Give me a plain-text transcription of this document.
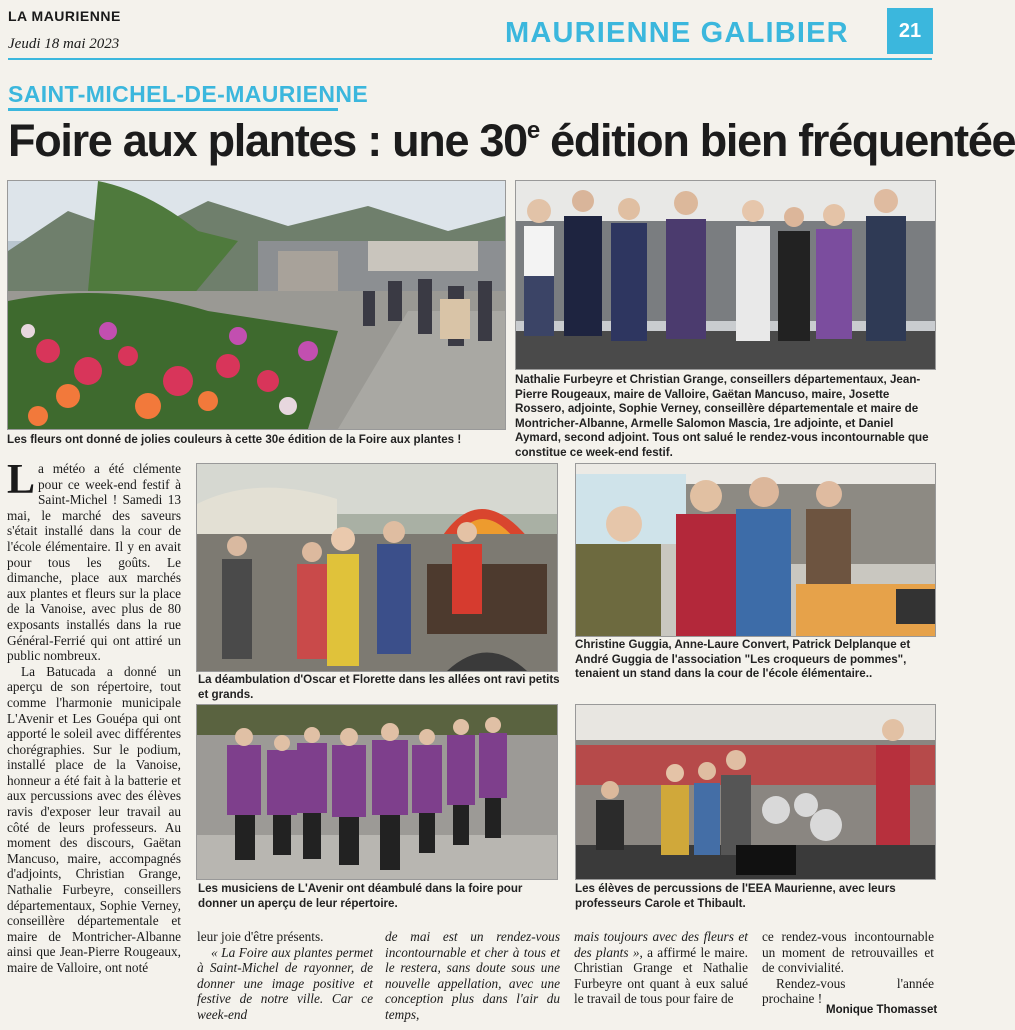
LA MAURIENNE
Jeudi 18 mai 2023	MAURIENNE GALIBIER	21
SAINT-MICHEL-DE-MAURIENNE
Foire aux plantes : une 30e édition bien fréquentée
Les fleurs ont donné de jolies couleurs à cette 30e édition de la Foire aux plantes !
Nathalie Furbeyre et Christian Grange, conseillers départementaux, Jean-Pierre Rougeaux, maire de Valloire, Gaëtan Mancuso, maire, Josette Rossero, adjointe, Sophie Verney, conseillère départementale et maire de Montricher-Albanne, Armelle Salomon Mascia, 1re adjointe, et Daniel Aymard, second adjoint. Tous ont salué le rendez-vous incontournable que constitue ce week-end festif.

La météo a été clémente pour ce week-end festif à Saint-Michel ! Samedi 13 mai, le marché des saveurs s'était installé dans la cour de l'école élémentaire. Il y en avait pour tous les goûts. Le dimanche, place aux marchés aux plantes et fleurs sur la place de la Vanoise, avec plus de 80 exposants installés dans la rue Général-Ferrié qui ont attiré un public nombreux.

La Batucada a donné un aperçu de son répertoire, tout comme l'harmonie municipale L'Avenir et Les Gouépa qui ont apporté le soleil avec différentes chorégraphies. Sur le podium, installé place de la Vanoise, honneur a été fait à la batterie et aux percussions avec des élèves ravis d'exposer leur travail au côté de leurs professeurs. Au moment des discours, Gaëtan Mancuso, maire, accompagnés d'adjoints, Christian Grange, Nathalie Furbeyre, conseillers départementaux, Sophie Verney, conseillère départementale et maire de Montricher-Albanne ainsi que Jean-Pierre Rougeaux, maire de Valloire, ont noté

La déambulation d'Oscar et Florette dans les allées ont ravi petits et grands.
Christine Guggia, Anne-Laure Convert, Patrick Delplanque et André Guggia de l'association "Les croqueurs de pommes", tenaient un stand dans la cour de l'école élémentaire..
Les musiciens de L'Avenir ont déambulé dans la foire pour donner un aperçu de leur répertoire.
Les élèves de percussions de l'EEA Maurienne, avec leurs professeurs Carole et Thibault.

leur joie d'être présents.

« La Foire aux plantes permet à Saint-Michel de rayonner, de donner une image positive et festive de notre ville. Car ce week-end

de mai est un rendez-vous incontournable et cher à tous et le restera, sans doute sous une nouvelle appellation, avec une conception plus dans l'air du temps,
mais toujours avec des fleurs et des plants », a affirmé le maire. Christian Grange et Nathalie Furbeyre ont quant à eux salué le travail de tous pour faire de

ce rendez-vous incontournable un moment de retrouvailles et de convivialité.

Rendez-vous l'année prochaine !

Monique Thomasset
